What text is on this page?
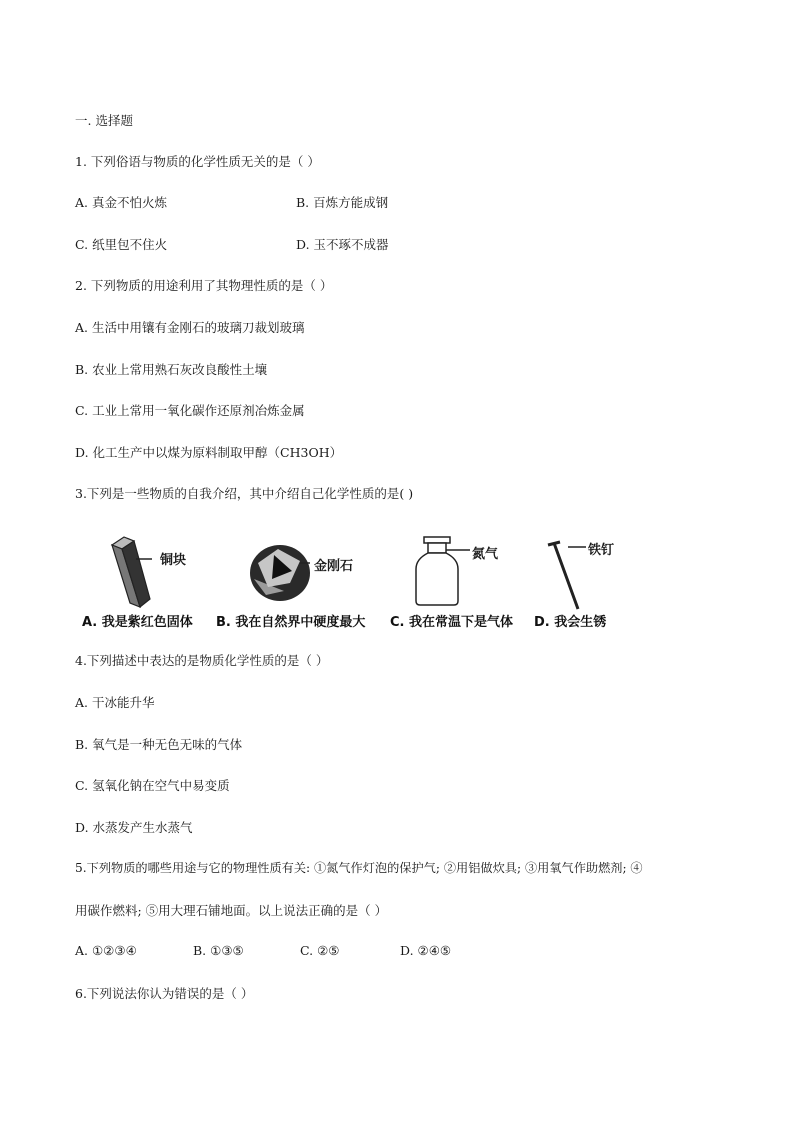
一. 选择题
1. 下列俗语与物质的化学性质无关的是（ ）
A. 真金不怕火炼	B. 百炼方能成钢
C. 纸里包不住火	D. 玉不琢不成器
2. 下列物质的用途利用了其物理性质的是（ ）
A. 生活中用镶有金刚石的玻璃刀裁划玻璃
B. 农业上常用熟石灰改良酸性土壤
C. 工业上常用一氧化碳作还原剂冶炼金属
D. 化工生产中以煤为原料制取甲醇（CH3OH）
3.下列是一些物质的自我介绍，其中介绍自己化学性质的是( )
铜块	金刚石
氮气	铁钉
A. 我是紫红色固体 B. 我在自然界中硬度最大 C. 我在常温下是气体 D. 我会生锈
4.下列描述中表达的是物质化学性质的是（ ）
A. 干冰能升华
B. 氧气是一种无色无味的气体
C. 氢氧化钠在空气中易变质
D. 水蒸发产生水蒸气
5.下列物质的哪些用途与它的物理性质有关: ①氮气作灯泡的保护气; ②用铝做炊具; ③用氧气作助燃剂; ④
用碳作燃料; ⑤用大理石铺地面。以上说法正确的是（ ）
A. ①②③④	B. ①③⑤	C. ②⑤	D. ②④⑤
6.下列说法你认为错误的是（ ）
